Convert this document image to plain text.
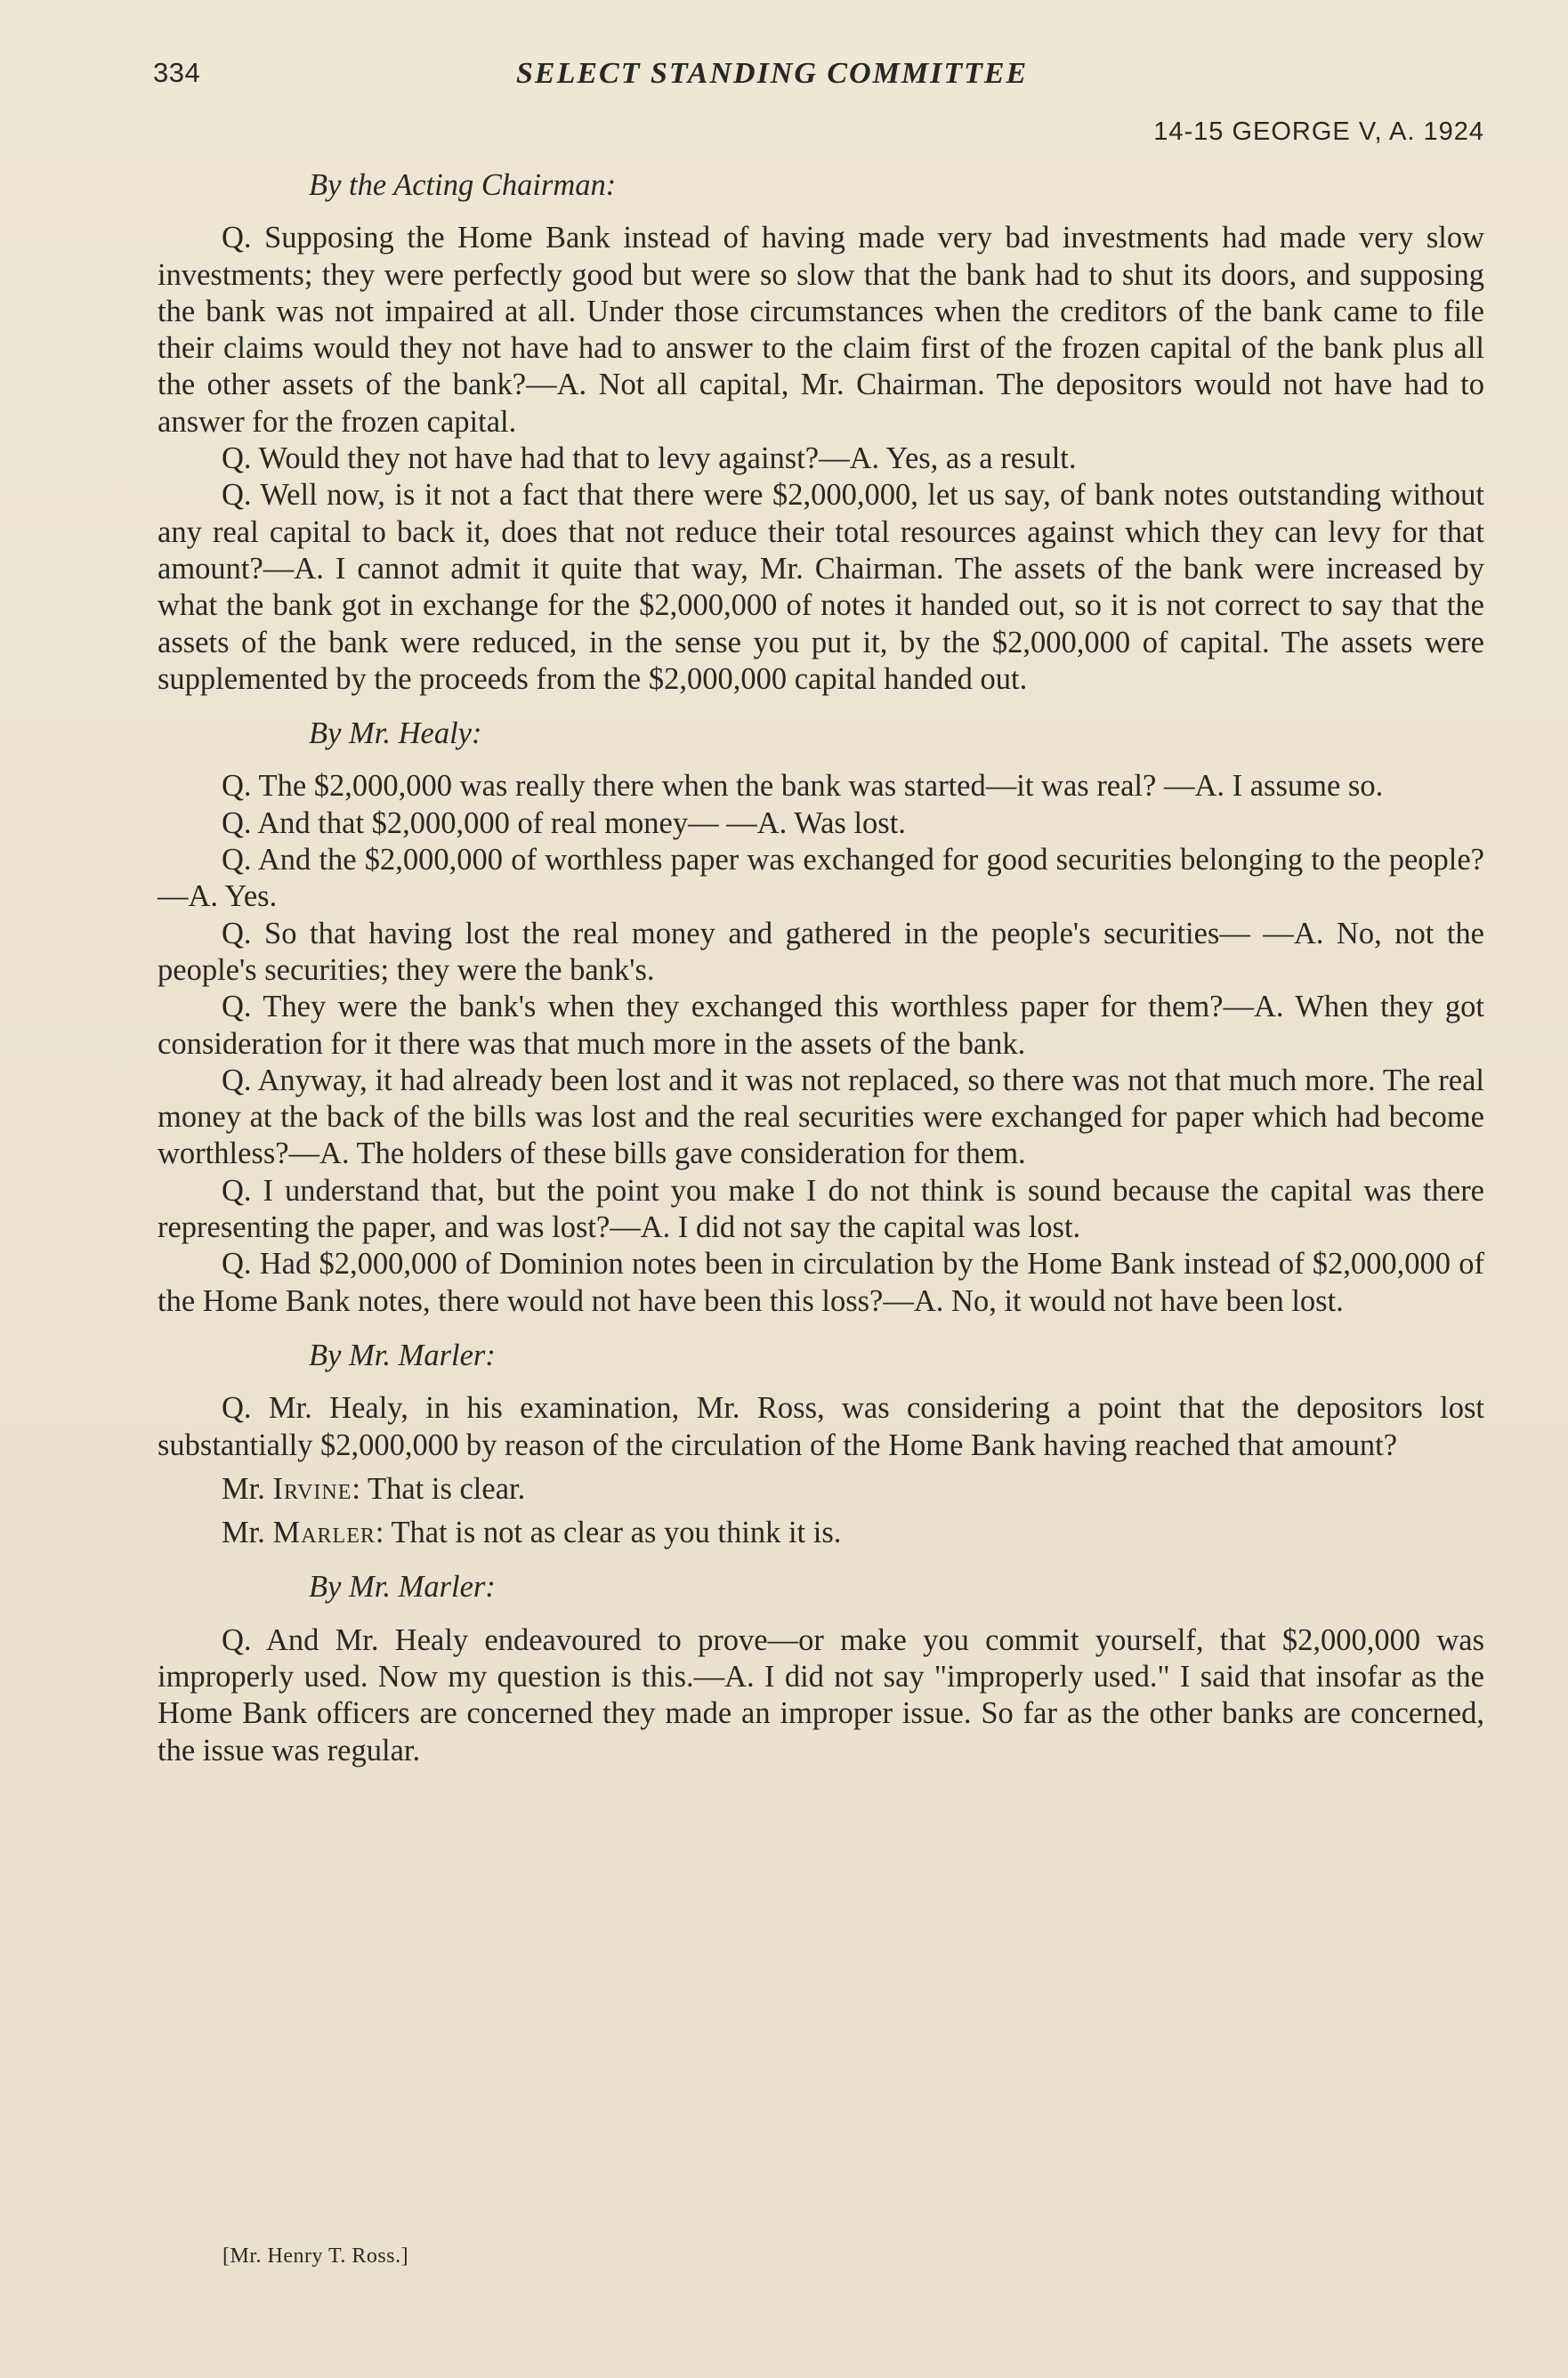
334	SELECT STANDING COMMITTEE
14-15 GEORGE V, A. 1924

By the Acting Chairman:

Q. Supposing the Home Bank instead of having made very bad investments had made very slow investments; they were perfectly good but were so slow that the bank had to shut its doors, and supposing the bank was not impaired at all. Under those circumstances when the creditors of the bank came to file their claims would they not have had to answer to the claim first of the frozen capital of the bank plus all the other assets of the bank?—A. Not all capital, Mr. Chairman. The depositors would not have had to answer for the frozen capital.

Q. Would they not have had that to levy against?—A. Yes, as a result.

Q. Well now, is it not a fact that there were $2,000,000, let us say, of bank notes outstanding without any real capital to back it, does that not reduce their total resources against which they can levy for that amount?—A. I cannot admit it quite that way, Mr. Chairman. The assets of the bank were increased by what the bank got in exchange for the $2,000,000 of notes it handed out, so it is not correct to say that the assets of the bank were reduced, in the sense you put it, by the $2,000,000 of capital. The assets were supplemented by the proceeds from the $2,000,000 capital handed out.

By Mr. Healy:

Q. The $2,000,000 was really there when the bank was started—it was real? —A. I assume so.

Q. And that $2,000,000 of real money— —A. Was lost.

Q. And the $2,000,000 of worthless paper was exchanged for good securities belonging to the people?—A. Yes.

Q. So that having lost the real money and gathered in the people's securities— —A. No, not the people's securities; they were the bank's.

Q. They were the bank's when they exchanged this worthless paper for them?—A. When they got consideration for it there was that much more in the assets of the bank.

Q. Anyway, it had already been lost and it was not replaced, so there was not that much more. The real money at the back of the bills was lost and the real securities were exchanged for paper which had become worthless?—A. The holders of these bills gave consideration for them.

Q. I understand that, but the point you make I do not think is sound because the capital was there representing the paper, and was lost?—A. I did not say the capital was lost.

Q. Had $2,000,000 of Dominion notes been in circulation by the Home Bank instead of $2,000,000 of the Home Bank notes, there would not have been this loss?—A. No, it would not have been lost.

By Mr. Marler:

Q. Mr. Healy, in his examination, Mr. Ross, was considering a point that the depositors lost substantially $2,000,000 by reason of the circulation of the Home Bank having reached that amount?

Mr. Irvine: That is clear.

Mr. Marler: That is not as clear as you think it is.

By Mr. Marler:

Q. And Mr. Healy endeavoured to prove—or make you commit yourself, that $2,000,000 was improperly used. Now my question is this.—A. I did not say "improperly used." I said that insofar as the Home Bank officers are concerned they made an improper issue. So far as the other banks are concerned, the issue was regular.

[Mr. Henry T. Ross.]
